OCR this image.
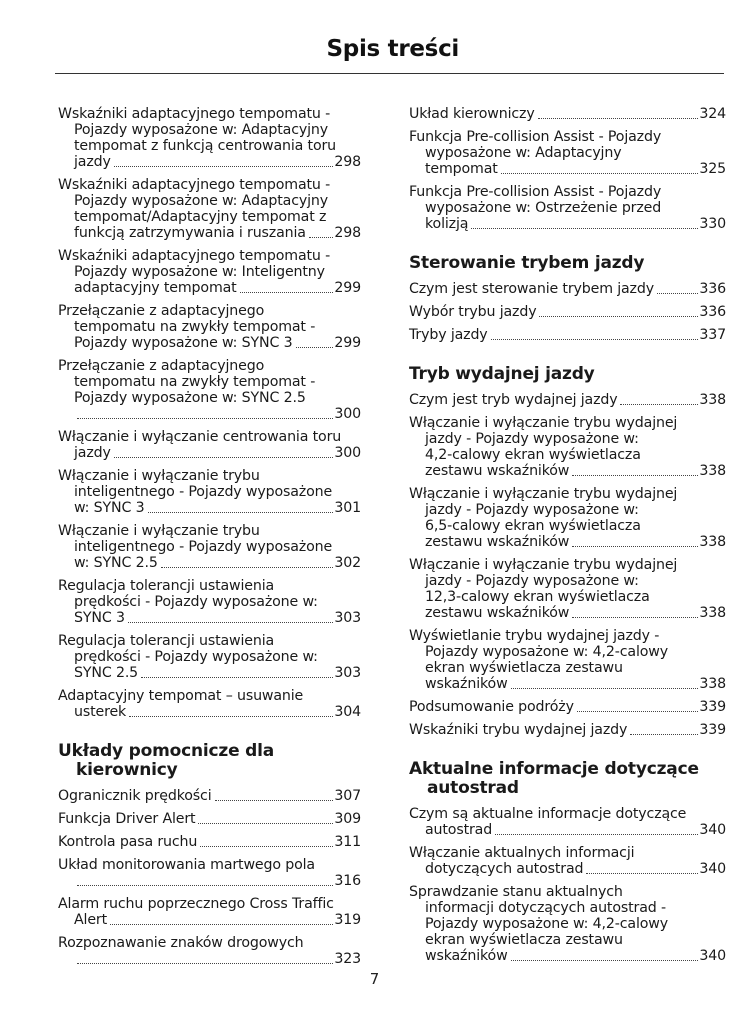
Spis treści
Wskaźniki adaptacyjnego tempomatu -
Pojazdy wyposażone w: Adaptacyjny
tempomat z funkcją centrowania toru
jazdy	298
Wskaźniki adaptacyjnego tempomatu -
Pojazdy wyposażone w: Adaptacyjny
tempomat/Adaptacyjny tempomat z
funkcją zatrzymywania i ruszania 298
Wskaźniki adaptacyjnego tempomatu -
Pojazdy wyposażone w: Inteligentny
adaptacyjny tempomat	299
Przełączanie z adaptacyjnego
tempomatu na zwykły tempomat -
Pojazdy wyposażone w: SYNC 3	299
Przełączanie z adaptacyjnego
tempomatu na zwykły tempomat -
Pojazdy wyposażone w: SYNC 2.5
300
Włączanie i wyłączanie centrowania toru
jazdy	300
Włączanie i wyłączanie trybu
inteligentnego - Pojazdy wyposażone
w: SYNC 3	301
Włączanie i wyłączanie trybu
inteligentnego - Pojazdy wyposażone
w: SYNC 2.5	302
Regulacja tolerancji ustawienia
prędkości - Pojazdy wyposażone w:
SYNC 3	303
Regulacja tolerancji ustawienia
prędkości - Pojazdy wyposażone w:
SYNC 2.5	303
Adaptacyjny tempomat – usuwanie
usterek	304
Układy pomocnicze dla kierownicy
Ogranicznik prędkości	307
Funkcja Driver Alert	309
Kontrola pasa ruchu	311
Układ monitorowania martwego pola
316
Alarm ruchu poprzecznego Cross Traffic
Alert	319
Rozpoznawanie znaków drogowych
323
Układ kierowniczy	324
Funkcja Pre-collision Assist - Pojazdy
wyposażone w: Adaptacyjny
tempomat	325
Funkcja Pre-collision Assist - Pojazdy
wyposażone w: Ostrzeżenie przed
kolizją	330
Sterowanie trybem jazdy
Czym jest sterowanie trybem jazdy	336
Wybór trybu jazdy	336
Tryby jazdy	337
Tryb wydajnej jazdy
Czym jest tryb wydajnej jazdy	338
Włączanie i wyłączanie trybu wydajnej
jazdy - Pojazdy wyposażone w:
4,2-calowy ekran wyświetlacza
zestawu wskaźników	338
Włączanie i wyłączanie trybu wydajnej
jazdy - Pojazdy wyposażone w:
6,5-calowy ekran wyświetlacza
zestawu wskaźników	338
Włączanie i wyłączanie trybu wydajnej
jazdy - Pojazdy wyposażone w:
12,3-calowy ekran wyświetlacza
zestawu wskaźników	338
Wyświetlanie trybu wydajnej jazdy -
Pojazdy wyposażone w: 4,2-calowy
ekran wyświetlacza zestawu
wskaźników	338
Podsumowanie podróży	339
Wskaźniki trybu wydajnej jazdy	339
Aktualne informacje dotyczące autostrad
Czym są aktualne informacje dotyczące
autostrad	340
Włączanie aktualnych informacji
dotyczących autostrad	340
Sprawdzanie stanu aktualnych
informacji dotyczących autostrad -
Pojazdy wyposażone w: 4,2-calowy
ekran wyświetlacza zestawu
wskaźników	340
7
